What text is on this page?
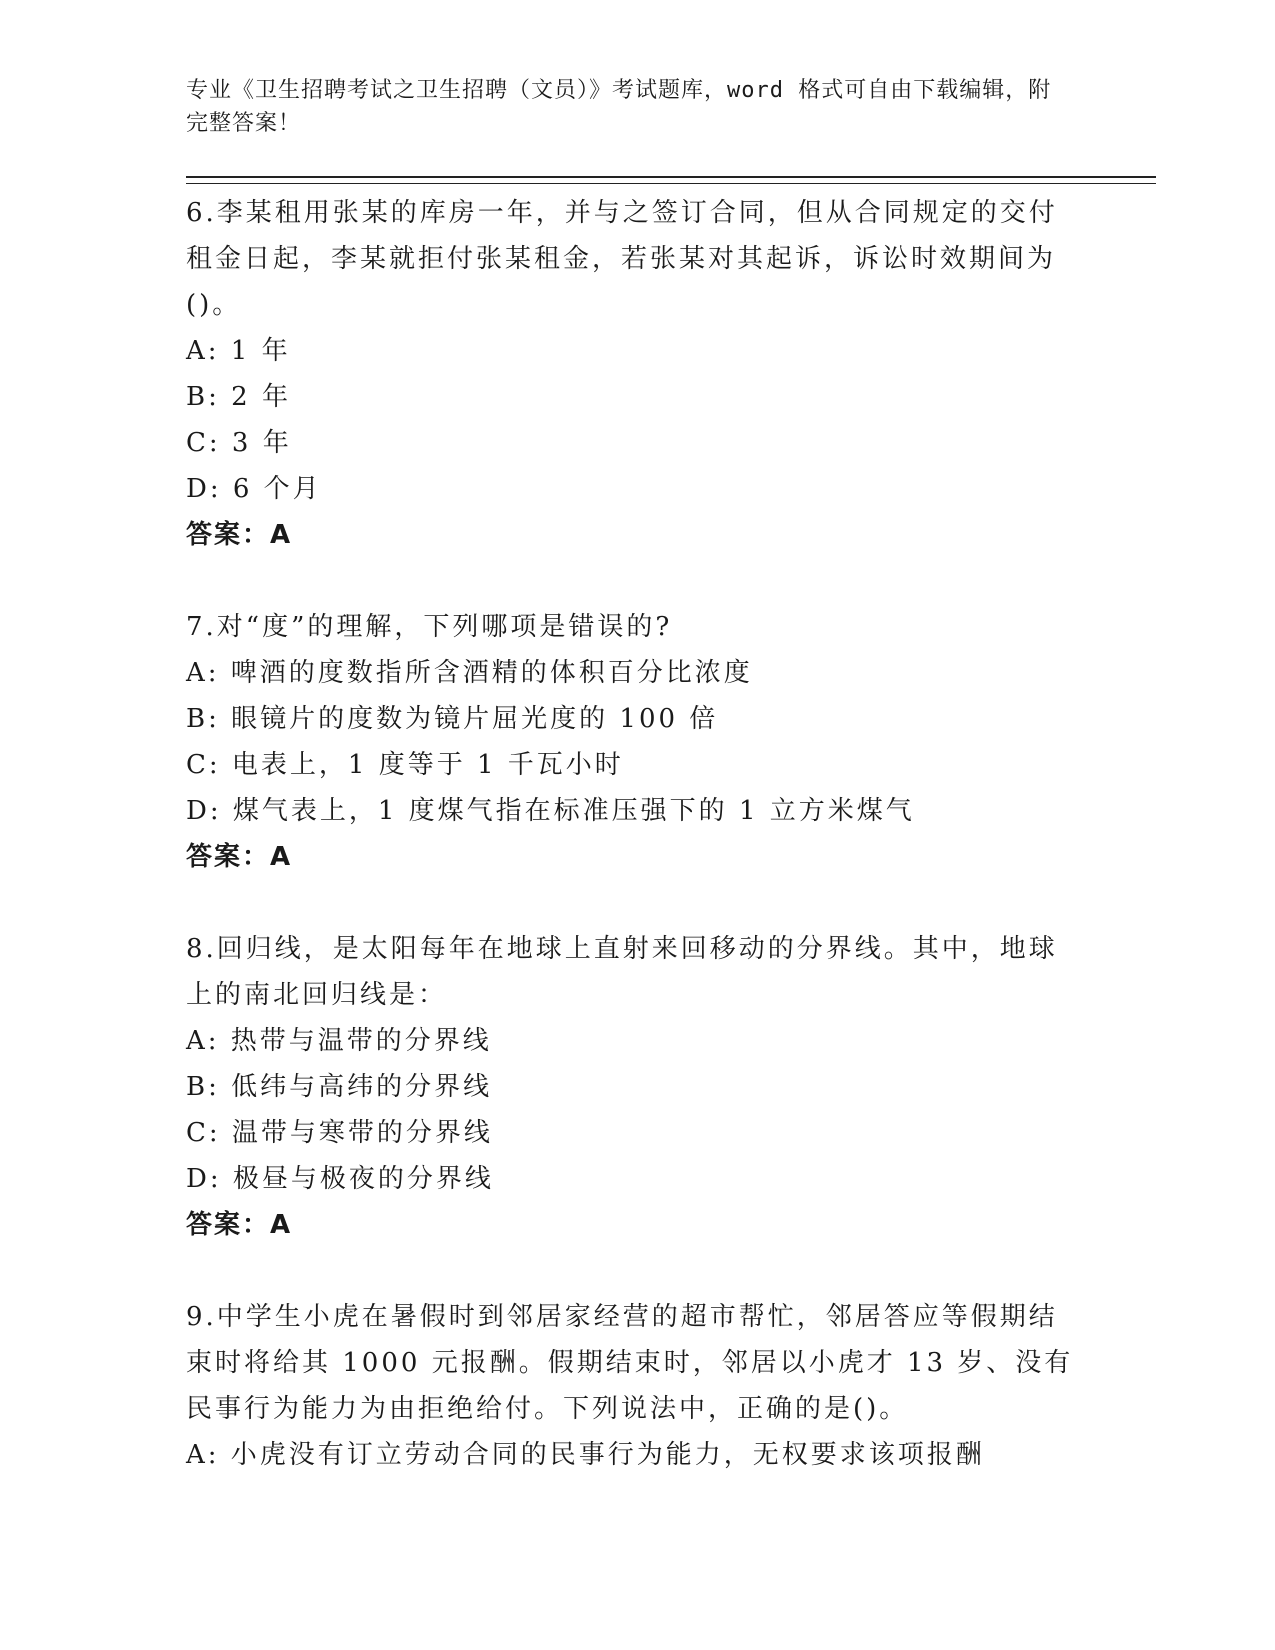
专业《卫生招聘考试之卫生招聘（文员）》考试题库，word 格式可自由下载编辑，附完整答案！

6.李某租用张某的库房一年，并与之签订合同，但从合同规定的交付租金日起，李某就拒付张某租金，若张某对其起诉，诉讼时效期间为()。

A: 1 年

B: 2 年

C: 3 年

D: 6 个月

答案：A

7.对“度”的理解，下列哪项是错误的?

A: 啤酒的度数指所含酒精的体积百分比浓度

B: 眼镜片的度数为镜片屈光度的 100 倍

C: 电表上，1 度等于 1 千瓦小时

D: 煤气表上，1 度煤气指在标准压强下的 1 立方米煤气

答案：A

8.回归线，是太阳每年在地球上直射来回移动的分界线。其中，地球上的南北回归线是：

A: 热带与温带的分界线

B: 低纬与高纬的分界线

C: 温带与寒带的分界线

D: 极昼与极夜的分界线

答案：A

9.中学生小虎在暑假时到邻居家经营的超市帮忙，邻居答应等假期结束时将给其 1000 元报酬。假期结束时，邻居以小虎才 13 岁、没有民事行为能力为由拒绝给付。下列说法中，正确的是()。

A: 小虎没有订立劳动合同的民事行为能力，无权要求该项报酬
